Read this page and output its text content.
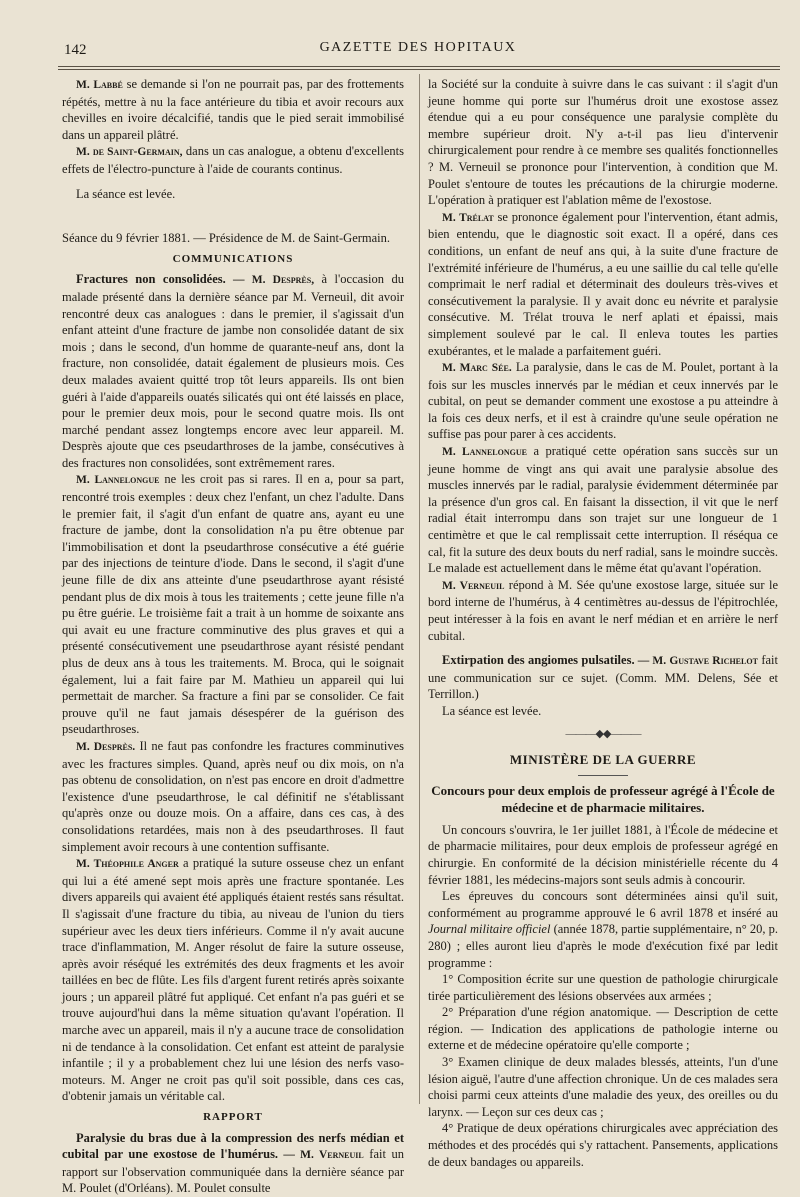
142	GAZETTE DES HOPITAUX

M. Labbé se demande si l'on ne pourrait pas, par des frottements répétés, mettre à nu la face antérieure du tibia et avoir recours aux chevilles en ivoire décalcifié, tandis que le pied serait immobilisé dans un appareil plâtré.

M. de Saint-Germain, dans un cas analogue, a obtenu d'excellents effets de l'électro-puncture à l'aide de courants continus.

La séance est levée.

Séance du 9 février 1881. — Présidence de M. de Saint-Germain.

COMMUNICATIONS

Fractures non consolidées. — M. Desprès, à l'occasion du malade présenté dans la dernière séance par M. Verneuil, dit avoir rencontré deux cas analogues : dans le premier, il s'agissait d'un enfant atteint d'une fracture de jambe non consolidée datant de six mois ; dans le second, d'un homme de quarante-neuf ans, dont la fracture, non consolidée, datait également de plusieurs mois. Ces deux malades avaient quitté trop tôt leurs appareils. Ils ont bien guéri à l'aide d'appareils ouatés silicatés qui ont été laissés en place, pour le premier deux mois, pour le second quatre mois. Ils ont marché pendant assez longtemps encore avec leur appareil. M. Desprès ajoute que ces pseudarthroses de la jambe, consécutives à des fractures non consolidées, sont extrêmement rares.

M. Lannelongue ne les croit pas si rares. Il en a, pour sa part, rencontré trois exemples : deux chez l'enfant, un chez l'adulte. Dans le premier fait, il s'agit d'un enfant de quatre ans, ayant eu une fracture de jambe, dont la consolidation n'a pu être obtenue par l'immobilisation et dont la pseudarthrose consécutive a été guérie par des injections de teinture d'iode. Dans le second, il s'agit d'une jeune fille de dix ans atteinte d'une pseudarthrose ayant résisté pendant plus de dix mois à tous les traitements ; cette jeune fille n'a pu être guérie. Le troisième fait a trait à un homme de soixante ans qui avait eu une fracture comminutive des plus graves et qui a présenté consécutivement une pseudarthrose ayant résisté pendant plus de deux ans à tous les traitements. M. Broca, qui le soignait également, lui a fait faire par M. Mathieu un appareil qui lui permettait de marcher. Sa fracture a fini par se consolider. Ce fait prouve qu'il ne faut jamais désespérer de la guérison des pseudarthroses.

M. Desprès. Il ne faut pas confondre les fractures comminutives avec les fractures simples. Quand, après neuf ou dix mois, on n'a pas obtenu de consolidation, on n'est pas encore en droit d'admettre l'existence d'une pseudarthrose, le cal définitif ne s'établissant qu'après onze ou douze mois. On a affaire, dans ces cas, à des consolidations retardées, mais non à des pseudarthroses. Il faut simplement avoir recours à une contention suffisante.

M. Théophile Anger a pratiqué la suture osseuse chez un enfant qui lui a été amené sept mois après une fracture spontanée. Les divers appareils qui avaient été appliqués étaient restés sans résultat. Il s'agissait d'une fracture du tibia, au niveau de l'union du tiers supérieur avec les deux tiers inférieurs. Comme il n'y avait aucune trace d'inflammation, M. Anger résolut de faire la suture osseuse, après avoir réséqué les extrémités des deux fragments et les avoir taillées en bec de flûte. Les fils d'argent furent retirés après soixante jours ; un appareil plâtré fut appliqué. Cet enfant n'a pas guéri et se trouve aujourd'hui dans la même situation qu'avant l'opération. Il marche avec un appareil, mais il n'y a aucune trace de consolidation ni de tendance à la consolidation. Cet enfant est atteint de paralysie infantile ; il y a probablement chez lui une lésion des nerfs vaso-moteurs. M. Anger ne croit pas qu'il soit possible, dans ces cas, d'obtenir jamais un véritable cal.

RAPPORT

Paralysie du bras due à la compression des nerfs médian et cubital par une exostose de l'humérus. — M. Verneuil fait un rapport sur l'observation communiquée dans la dernière séance par M. Poulet (d'Orléans). M. Poulet consulte

la Société sur la conduite à suivre dans le cas suivant : il s'agit d'un jeune homme qui porte sur l'humérus droit une exostose assez étendue qui a eu pour conséquence une paralysie complète du membre supérieur droit. N'y a-t-il pas lieu d'intervenir chirurgicalement pour rendre à ce membre ses qualités fonctionnelles ? M. Verneuil se prononce pour l'intervention, à condition que M. Poulet s'entoure de toutes les précautions de la chirurgie moderne. L'opération à pratiquer est l'ablation même de l'exostose.

M. Trélat se prononce également pour l'intervention, étant admis, bien entendu, que le diagnostic soit exact. Il a opéré, dans ces conditions, un enfant de neuf ans qui, à la suite d'une fracture de l'extrémité inférieure de l'humérus, a eu une saillie du cal telle qu'elle comprimait le nerf radial et déterminait des douleurs très-vives et consécutivement la paralysie. Il y avait donc eu névrite et paralysie consécutive. M. Trélat trouva le nerf aplati et épaissi, mais simplement soulevé par le cal. Il enleva toutes les parties exubérantes, et le malade a parfaitement guéri.

M. Marc Sée. La paralysie, dans le cas de M. Poulet, portant à la fois sur les muscles innervés par le médian et ceux innervés par le cubital, on peut se demander comment une exostose a pu atteindre à la fois ces deux nerfs, et il est à craindre qu'une seule opération ne suffise pas pour parer à ces accidents.

M. Lannelongue a pratiqué cette opération sans succès sur un jeune homme de vingt ans qui avait une paralysie absolue des muscles innervés par le radial, paralysie évidemment déterminée par la présence d'un gros cal. En faisant la dissection, il vit que le nerf radial était interrompu dans son trajet sur une longueur de 1 centimètre et que le cal remplissait cette interruption. Il réséqua ce cal, fit la suture des deux bouts du nerf radial, sans le moindre succès. Le malade est actuellement dans le même état qu'avant l'opération.

M. Verneuil répond à M. Sée qu'une exostose large, située sur le bord interne de l'humérus, à 4 centimètres au-dessus de l'épitrochlée, peut intéresser à la fois en avant le nerf médian et en arrière le nerf cubital.

Extirpation des angiomes pulsatiles. — M. Gustave Richelot fait une communication sur ce sujet. (Comm. MM. Delens, Sée et Terrillon.)

La séance est levée.

———◆◆———
MINISTÈRE DE LA GUERRE
Concours pour deux emplois de professeur agrégé à l'École de médecine et de pharmacie militaires.

Un concours s'ouvrira, le 1er juillet 1881, à l'École de médecine et de pharmacie militaires, pour deux emplois de professeur agrégé en chirurgie. En conformité de la décision ministérielle récente du 4 février 1881, les médecins-majors sont seuls admis à concourir.

Les épreuves du concours sont déterminées ainsi qu'il suit, conformément au programme approuvé le 6 avril 1878 et inséré au Journal militaire officiel (année 1878, partie supplémentaire, n° 20, p. 280) ; elles auront lieu d'après le mode d'exécution fixé par ledit programme :

1° Composition écrite sur une question de pathologie chirurgicale tirée particulièrement des lésions observées aux armées ;

2° Préparation d'une région anatomique. — Description de cette région. — Indication des applications de pathologie interne ou externe et de médecine opératoire qu'elle comporte ;

3° Examen clinique de deux malades blessés, atteints, l'un d'une lésion aiguë, l'autre d'une affection chronique. Un de ces malades sera choisi parmi ceux atteints d'une maladie des yeux, des oreilles ou du larynx. — Leçon sur ces deux cas ;

4° Pratique de deux opérations chirurgicales avec appréciation des méthodes et des procédés qui s'y rattachent. Pansements, applications de deux bandages ou appareils.
